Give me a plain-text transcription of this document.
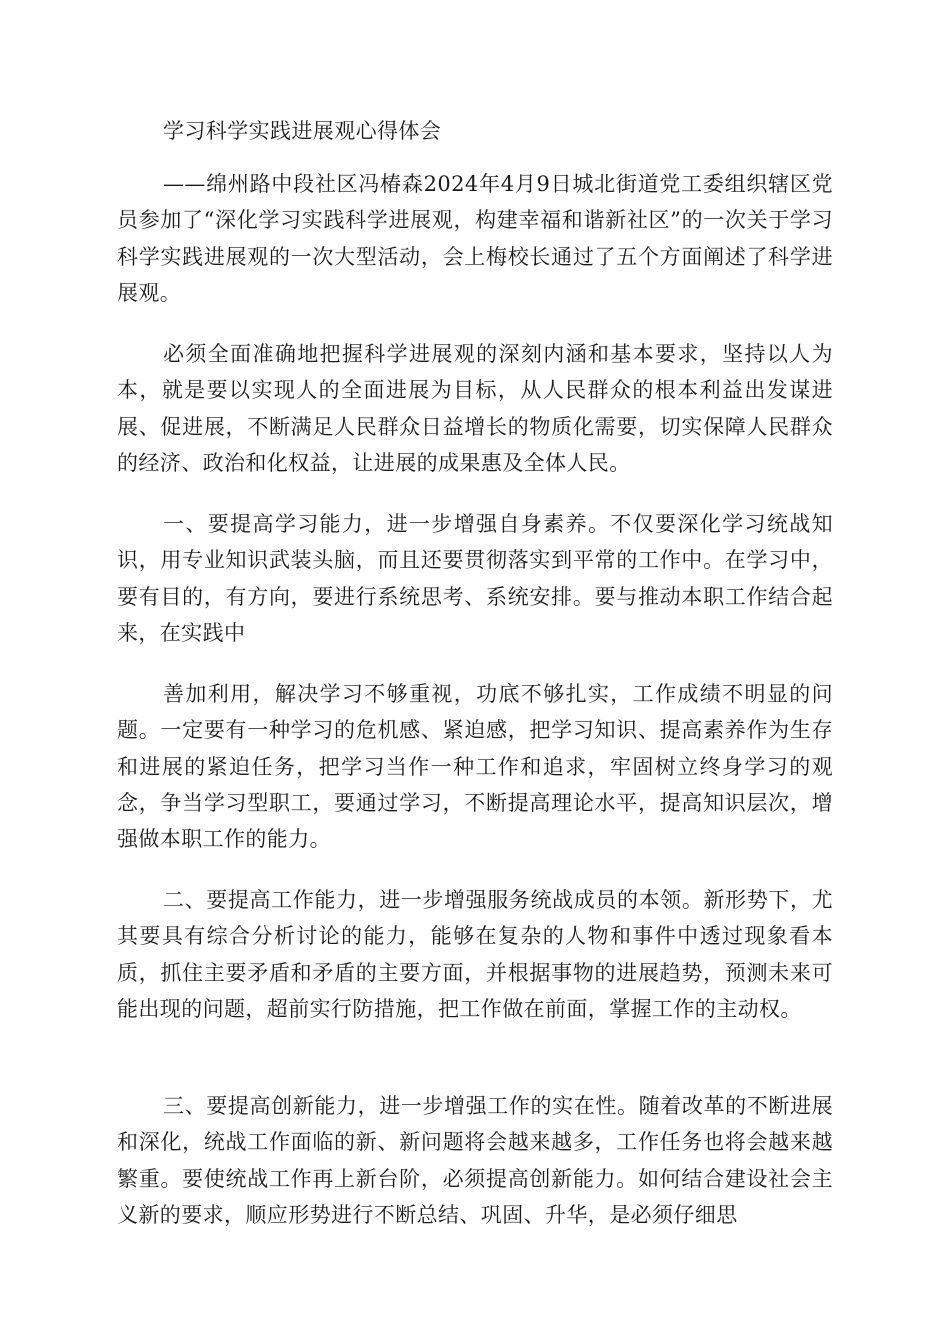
学习科学实践进展观心得体会

——绵州路中段社区冯椿森2024年4月9日城北街道党工委组织辖区党员参加了“深化学习实践科学进展观，构建幸福和谐新社区”的一次关于学习科学实践进展观的一次大型活动，会上梅校长通过了五个方面阐述了科学进展观。

必须全面准确地把握科学进展观的深刻内涵和基本要求，坚持以人为本，就是要以实现人的全面进展为目标，从人民群众的根本利益出发谋进展、促进展，不断满足人民群众日益增长的物质化需要，切实保障人民群众的经济、政治和化权益，让进展的成果惠及全体人民。

一、要提高学习能力，进一步增强自身素养。不仅要深化学习统战知识，用专业知识武装头脑，而且还要贯彻落实到平常的工作中。在学习中，要有目的，有方向，要进行系统思考、系统安排。要与推动本职工作结合起来，在实践中

善加利用，解决学习不够重视，功底不够扎实，工作成绩不明显的问题。一定要有一种学习的危机感、紧迫感，把学习知识、提高素养作为生存和进展的紧迫任务，把学习当作一种工作和追求，牢固树立终身学习的观念，争当学习型职工，要通过学习，不断提高理论水平，提高知识层次，增强做本职工作的能力。

二、要提高工作能力，进一步增强服务统战成员的本领。新形势下，尤其要具有综合分析讨论的能力，能够在复杂的人物和事件中透过现象看本质，抓住主要矛盾和矛盾的主要方面，并根据事物的进展趋势，预测未来可能出现的问题，超前实行防措施，把工作做在前面，掌握工作的主动权。

三、要提高创新能力，进一步增强工作的实在性。随着改革的不断进展和深化，统战工作面临的新、新问题将会越来越多，工作任务也将会越来越繁重。要使统战工作再上新台阶，必须提高创新能力。如何结合建设社会主义新的要求，顺应形势进行不断总结、巩固、升华，是必须仔细思
